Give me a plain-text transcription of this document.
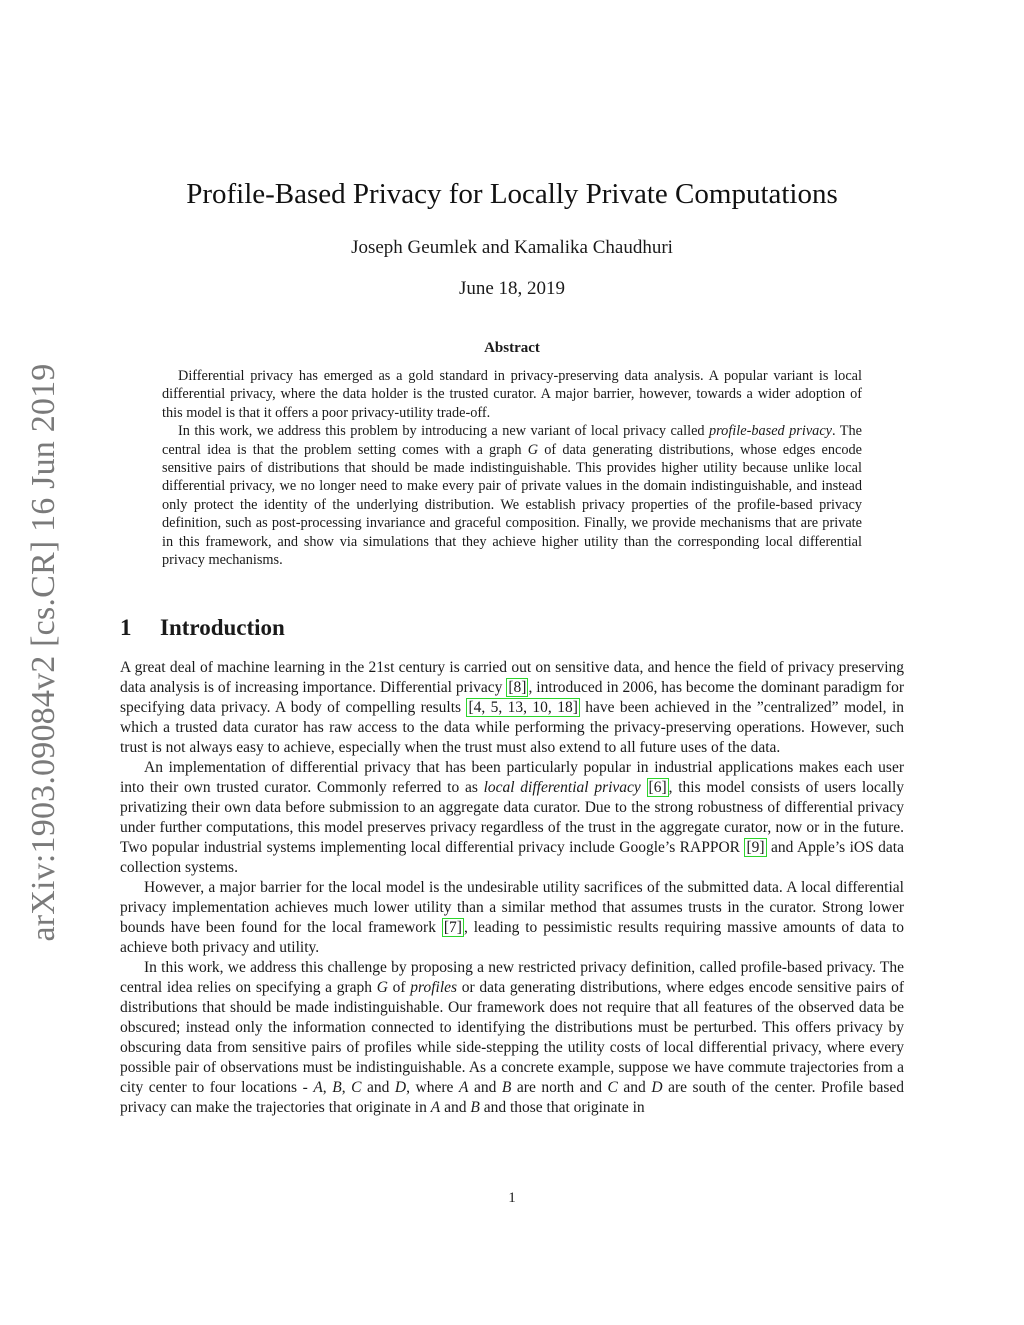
arXiv:1903.09084v2 [cs.CR] 16 Jun 2019
Profile-Based Privacy for Locally Private Computations
Joseph Geumlek and Kamalika Chaudhuri
June 18, 2019
Abstract

Differential privacy has emerged as a gold standard in privacy-preserving data analysis. A popular variant is local differential privacy, where the data holder is the trusted curator. A major barrier, however, towards a wider adoption of this model is that it offers a poor privacy-utility trade-off.

In this work, we address this problem by introducing a new variant of local privacy called profile-based privacy. The central idea is that the problem setting comes with a graph G of data generating distributions, whose edges encode sensitive pairs of distributions that should be made indistinguishable. This provides higher utility because unlike local differential privacy, we no longer need to make every pair of private values in the domain indistinguishable, and instead only protect the identity of the underlying distribution. We establish privacy properties of the profile-based privacy definition, such as post-processing invariance and graceful composition. Finally, we provide mechanisms that are private in this framework, and show via simulations that they achieve higher utility than the corresponding local differential privacy mechanisms.

1 Introduction

A great deal of machine learning in the 21st century is carried out on sensitive data, and hence the field of privacy preserving data analysis is of increasing importance. Differential privacy [8] , introduced in 2006, has become the dominant paradigm for specifying data privacy. A body of compelling results [4, 5, 13, 10, 18] have been achieved in the ”centralized” model, in which a trusted data curator has raw access to the data while performing the privacy-preserving operations. However, such trust is not always easy to achieve, especially when the trust must also extend to all future uses of the data.

An implementation of differential privacy that has been particularly popular in industrial applications makes each user into their own trusted curator. Commonly referred to as local differential privacy [6] , this model consists of users locally privatizing their own data before submission to an aggregate data curator. Due to the strong robustness of differential privacy under further computations, this model preserves privacy regardless of the trust in the aggregate curator, now or in the future. Two popular industrial systems implementing local differential privacy include Google’s RAPPOR [9] and Apple’s iOS data collection systems.

However, a major barrier for the local model is the undesirable utility sacrifices of the submitted data. A local differential privacy implementation achieves much lower utility than a similar method that assumes trusts in the curator. Strong lower bounds have been found for the local framework [7] , leading to pessimistic results requiring massive amounts of data to achieve both privacy and utility.

In this work, we address this challenge by proposing a new restricted privacy definition, called profile-based privacy. The central idea relies on specifying a graph G of profiles or data generating distributions, where edges encode sensitive pairs of distributions that should be made indistinguishable. Our framework does not require that all features of the observed data be obscured; instead only the information connected to identifying the distributions must be perturbed. This offers privacy by obscuring data from sensitive pairs of profiles while side-stepping the utility costs of local differential privacy, where every possible pair of observations must be indistinguishable. As a concrete example, suppose we have commute trajectories from a city center to four locations - A, B, C and D, where A and B are north and C and D are south of the center. Profile based privacy can make the trajectories that originate in A and B and those that originate in

1
